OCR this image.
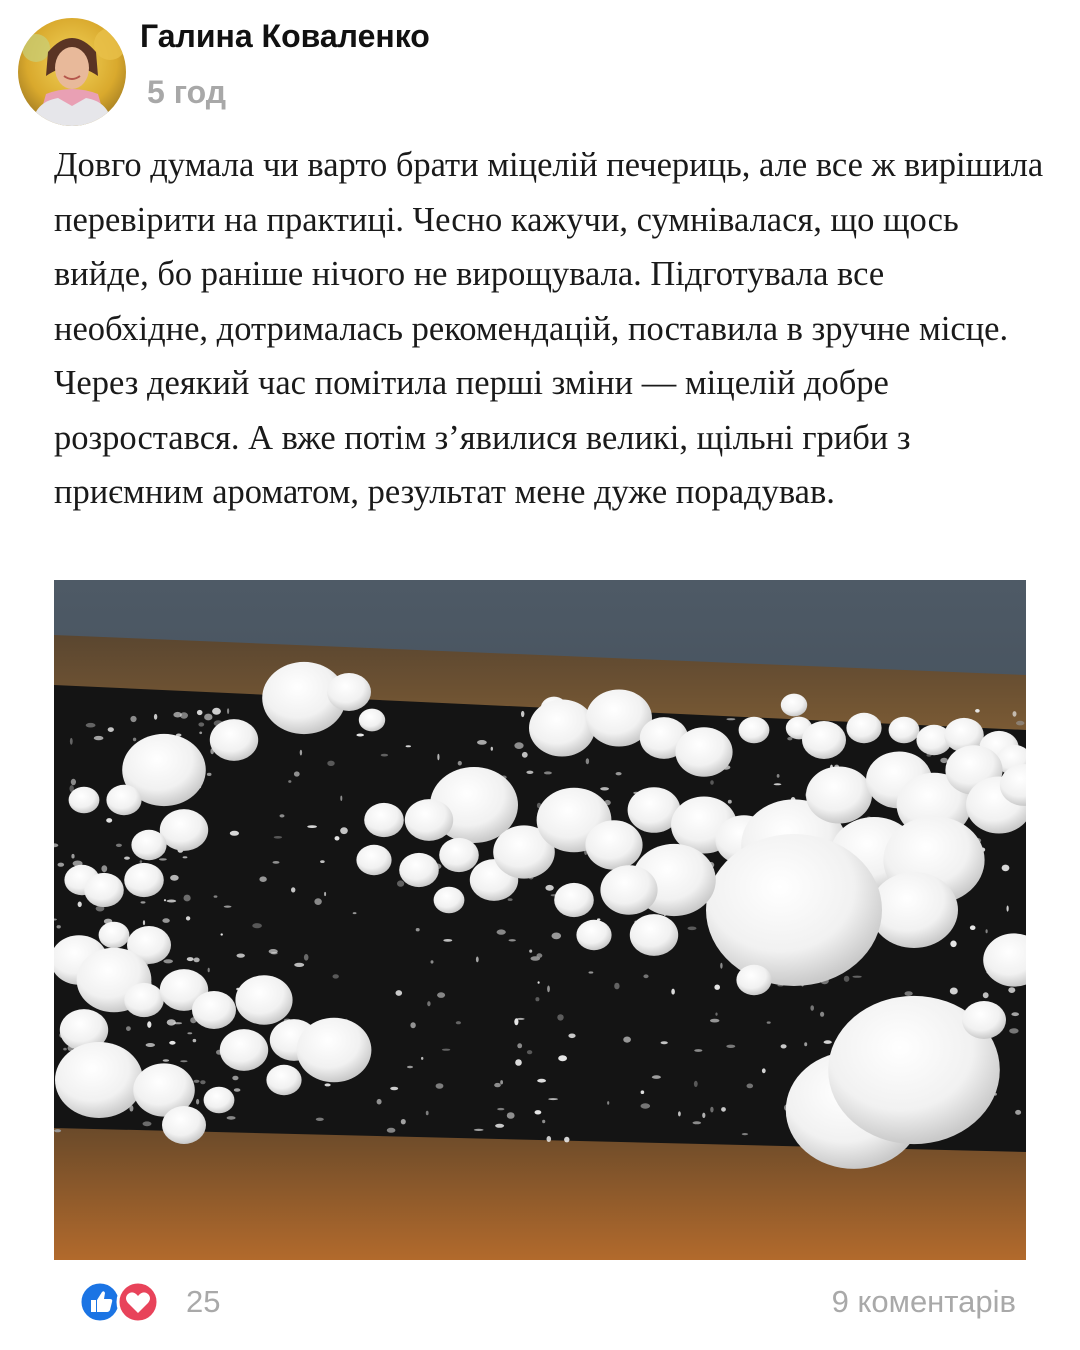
Галина Коваленко
5 год

Довго думала чи варто брати міцелій печериць, але все ж вирішила перевірити на практиці. Чесно кажучи, сумнівалася, що щось вийде, бо раніше нічого не вирощувала. Підготувала все необхідне, дотрималась рекомендацій, поставила в зручне місце. Через деякий час помітила перші зміни — міцелій добре розростався. А вже потім з’явилися великі, щільні гриби з приємним ароматом, результат мене дуже порадував.

25	9 коментарів
